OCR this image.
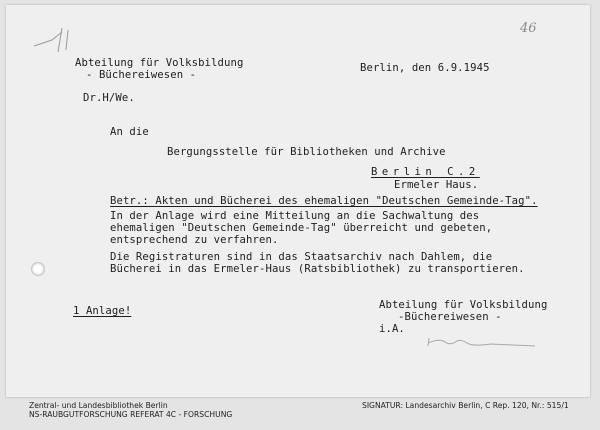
46
Abteilung für Volksbildung
- Büchereiwesen -
Berlin, den 6.9.1945
Dr.H/We.
An die
Bergungsstelle für Bibliotheken und Archive
Berlin C.2
Ermeler Haus.
Betr.: Akten und Bücherei des ehemaligen "Deutschen Gemeinde-Tag".
In der Anlage wird eine Mitteilung an die Sachwaltung des
ehemaligen "Deutschen Gemeinde-Tag" überreicht und gebeten,
entsprechend zu verfahren.
Die Registraturen sind in das Staatsarchiv nach Dahlem, die
Bücherei in das Ermeler-Haus (Ratsbibliothek) zu transportieren.
1 Anlage!	Abteilung für Volksbildung
-Büchereiwesen -
i.A.
Zentral- und Landesbibliothek Berlin
NS-RAUBGUTFORSCHUNG REFERAT 4C - FORSCHUNG
SIGNATUR: Landesarchiv Berlin, C Rep. 120, Nr.: 515/1
